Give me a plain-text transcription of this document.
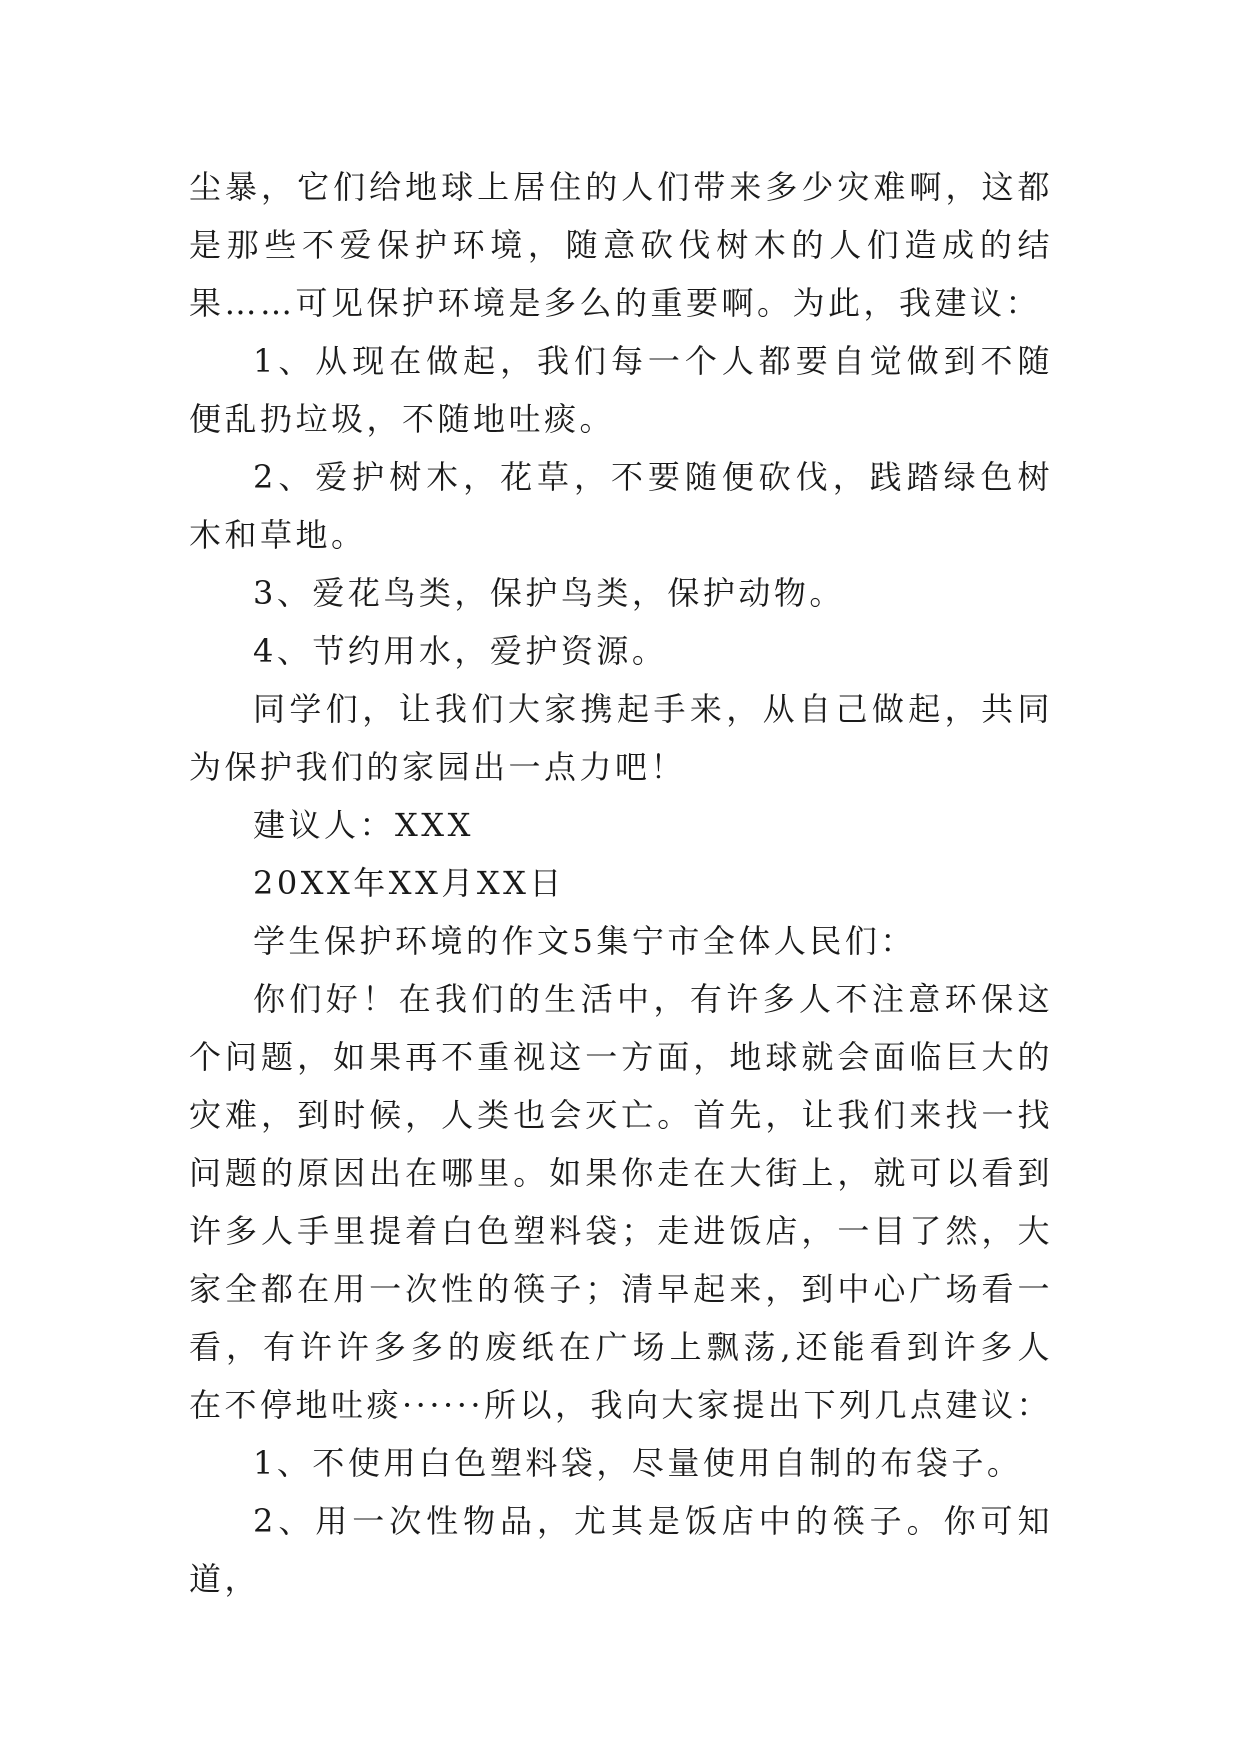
尘暴，它们给地球上居住的人们带来多少灾难啊，这都是那些不爱保护环境，随意砍伐树木的人们造成的结果……可见保护环境是多么的重要啊。为此，我建议：

1、从现在做起，我们每一个人都要自觉做到不随便乱扔垃圾，不随地吐痰。

2、爱护树木，花草，不要随便砍伐，践踏绿色树木和草地。

3、爱花鸟类，保护鸟类，保护动物。

4、节约用水，爱护资源。

同学们，让我们大家携起手来，从自己做起，共同为保护我们的家园出一点力吧！

建议人：XXX

20XX年XX月XX日

学生保护环境的作文5集宁市全体人民们：

你们好！在我们的生活中，有许多人不注意环保这个问题，如果再不重视这一方面，地球就会面临巨大的灾难，到时候，人类也会灭亡。首先，让我们来找一找问题的原因出在哪里。如果你走在大街上，就可以看到许多人手里提着白色塑料袋；走进饭店，一目了然，大家全都在用一次性的筷子；清早起来，到中心广场看一看，有许许多多的废纸在广场上飘荡,还能看到许多人在不停地吐痰······所以，我向大家提出下列几点建议：

1、不使用白色塑料袋，尽量使用自制的布袋子。

2、用一次性物品，尤其是饭店中的筷子。你可知道，
